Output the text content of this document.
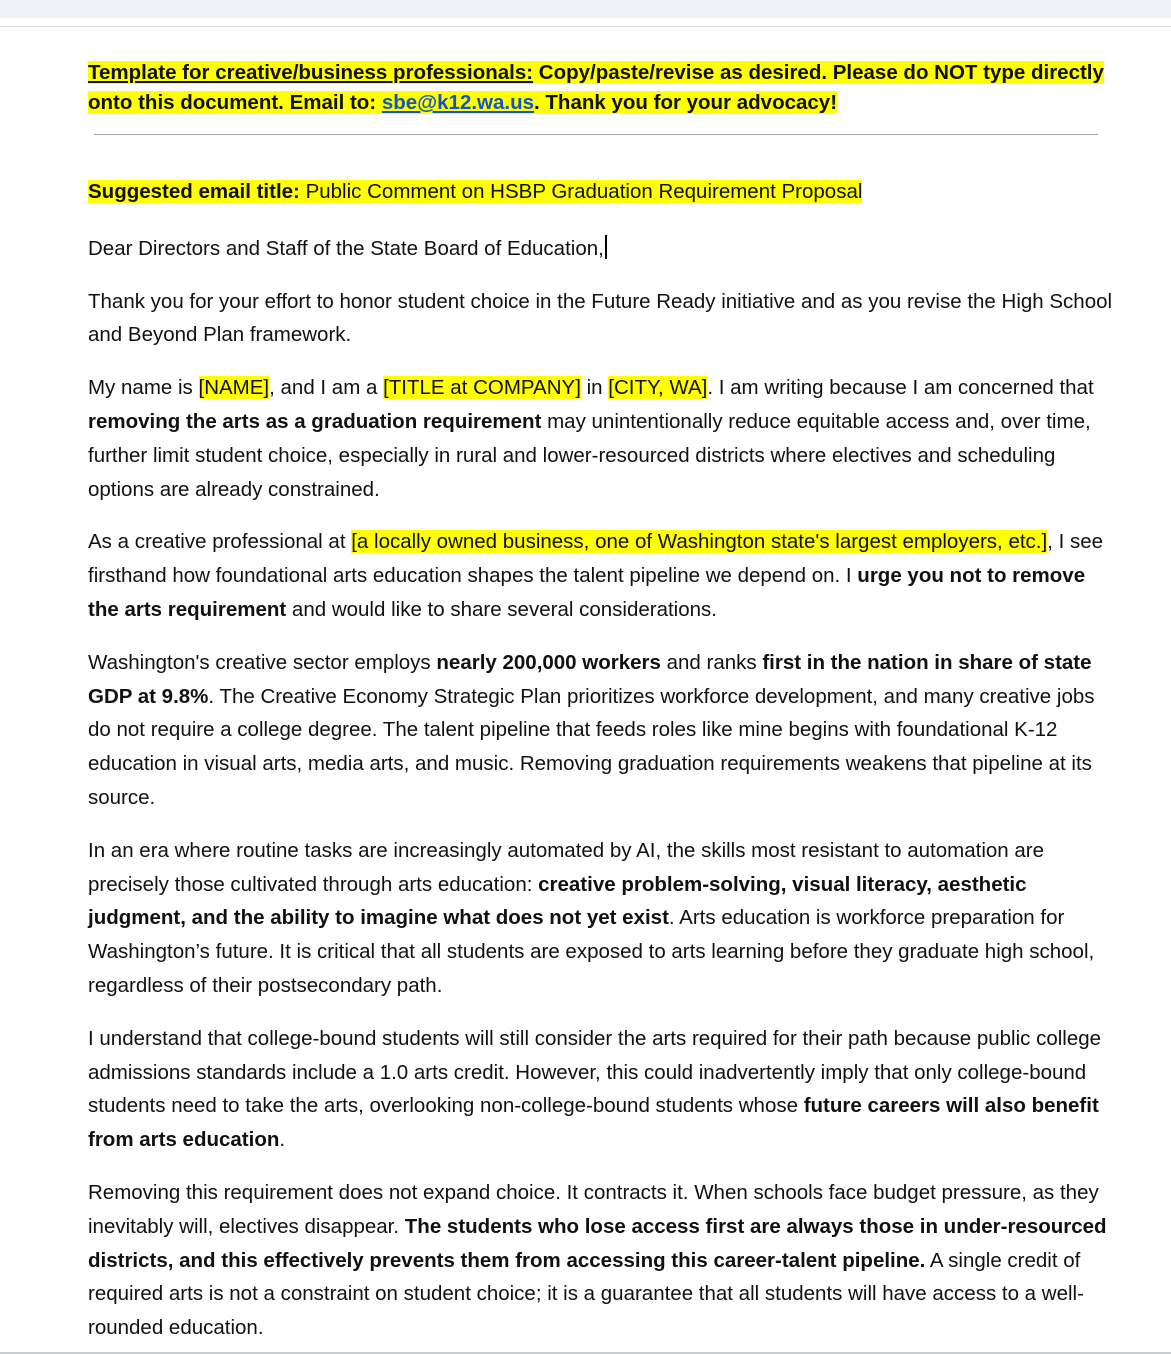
Template for creative/business professionals: Copy/paste/revise as desired. Please do NOT type directly onto this document. Email to: sbe@k12.wa.us. Thank you for your advocacy!

Suggested email title: Public Comment on HSBP Graduation Requirement Proposal

Dear Directors and Staff of the State Board of Education,

Thank you for your effort to honor student choice in the Future Ready initiative and as you revise the High School and Beyond Plan framework.

My name is [NAME], and I am a [TITLE at COMPANY] in [CITY, WA]. I am writing because I am concerned that removing the arts as a graduation requirement may unintentionally reduce equitable access and, over time, further limit student choice, especially in rural and lower-resourced districts where electives and scheduling options are already constrained.

As a creative professional at [a locally owned business, one of Washington state's largest employers, etc.], I see firsthand how foundational arts education shapes the talent pipeline we depend on. I urge you not to remove the arts requirement and would like to share several considerations.

Washington's creative sector employs nearly 200,000 workers and ranks first in the nation in share of state GDP at 9.8%. The Creative Economy Strategic Plan prioritizes workforce development, and many creative jobs do not require a college degree. The talent pipeline that feeds roles like mine begins with foundational K-12 education in visual arts, media arts, and music. Removing graduation requirements weakens that pipeline at its source.

In an era where routine tasks are increasingly automated by AI, the skills most resistant to automation are precisely those cultivated through arts education: creative problem-solving, visual literacy, aesthetic judgment, and the ability to imagine what does not yet exist. Arts education is workforce preparation for Washington’s future. It is critical that all students are exposed to arts learning before they graduate high school, regardless of their postsecondary path.

I understand that college-bound students will still consider the arts required for their path because public college admissions standards include a 1.0 arts credit. However, this could inadvertently imply that only college-bound students need to take the arts, overlooking non-college-bound students whose future careers will also benefit from arts education.

Removing this requirement does not expand choice. It contracts it. When schools face budget pressure, as they inevitably will, electives disappear. The students who lose access first are always those in under-resourced districts, and this effectively prevents them from accessing this career-talent pipeline. A single credit of required arts is not a constraint on student choice; it is a guarantee that all students will have access to a well-rounded education.
